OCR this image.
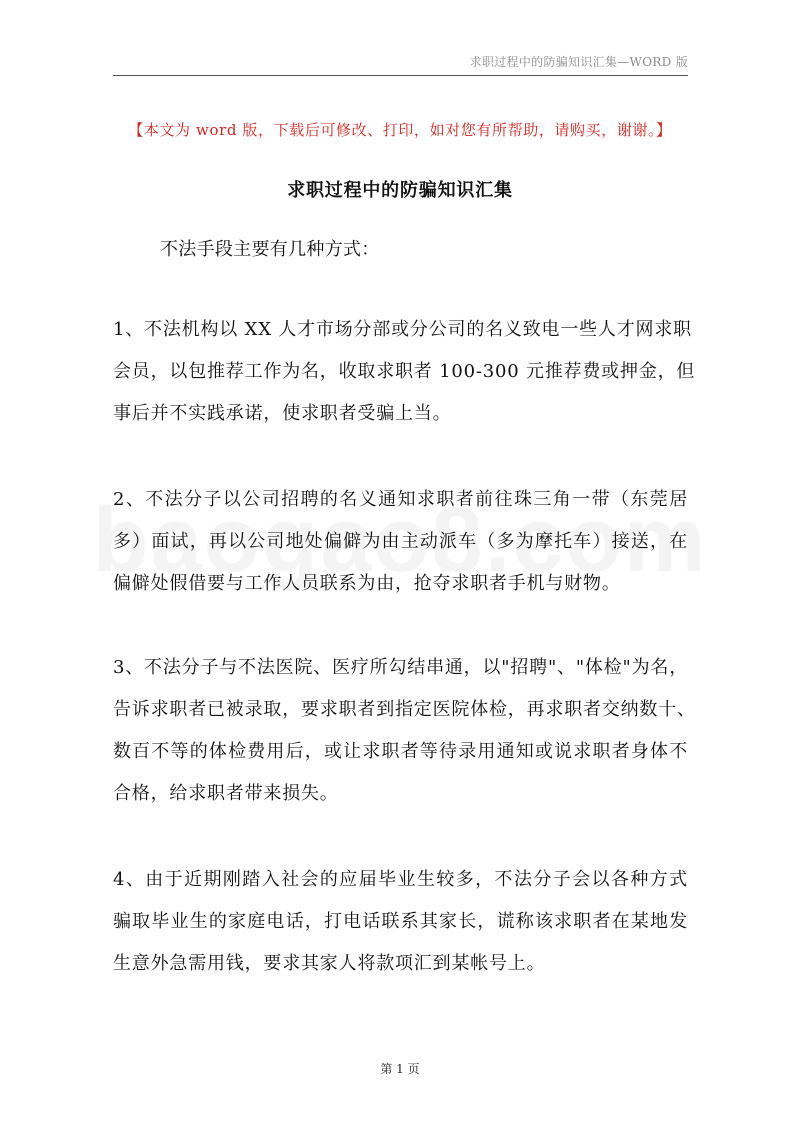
求职过程中的防骗知识汇集—WORD 版
【本文为 word 版，下载后可修改、打印，如对您有所帮助，请购买，谢谢。】
求职过程中的防骗知识汇集
不法手段主要有几种方式：
1、不法机构以 XX 人才市场分部或分公司的名义致电一些人才网求职
会员，以包推荐工作为名，收取求职者 100-300 元推荐费或押金，但
事后并不实践承诺，使求职者受骗上当。
2、不法分子以公司招聘的名义通知求职者前往珠三角一带（东莞居
多）面试，再以公司地处偏僻为由主动派车（多为摩托车）接送，在
偏僻处假借要与工作人员联系为由，抢夺求职者手机与财物。
3、不法分子与不法医院、医疗所勾结串通，以"招聘"、"体检"为名，
告诉求职者已被录取，要求职者到指定医院体检，再求职者交纳数十、
数百不等的体检费用后，或让求职者等待录用通知或说求职者身体不
合格，给求职者带来损失。
4、由于近期刚踏入社会的应届毕业生较多，不法分子会以各种方式
骗取毕业生的家庭电话，打电话联系其家长，谎称该求职者在某地发
生意外急需用钱，要求其家人将款项汇到某帐号上。
第 1 页
